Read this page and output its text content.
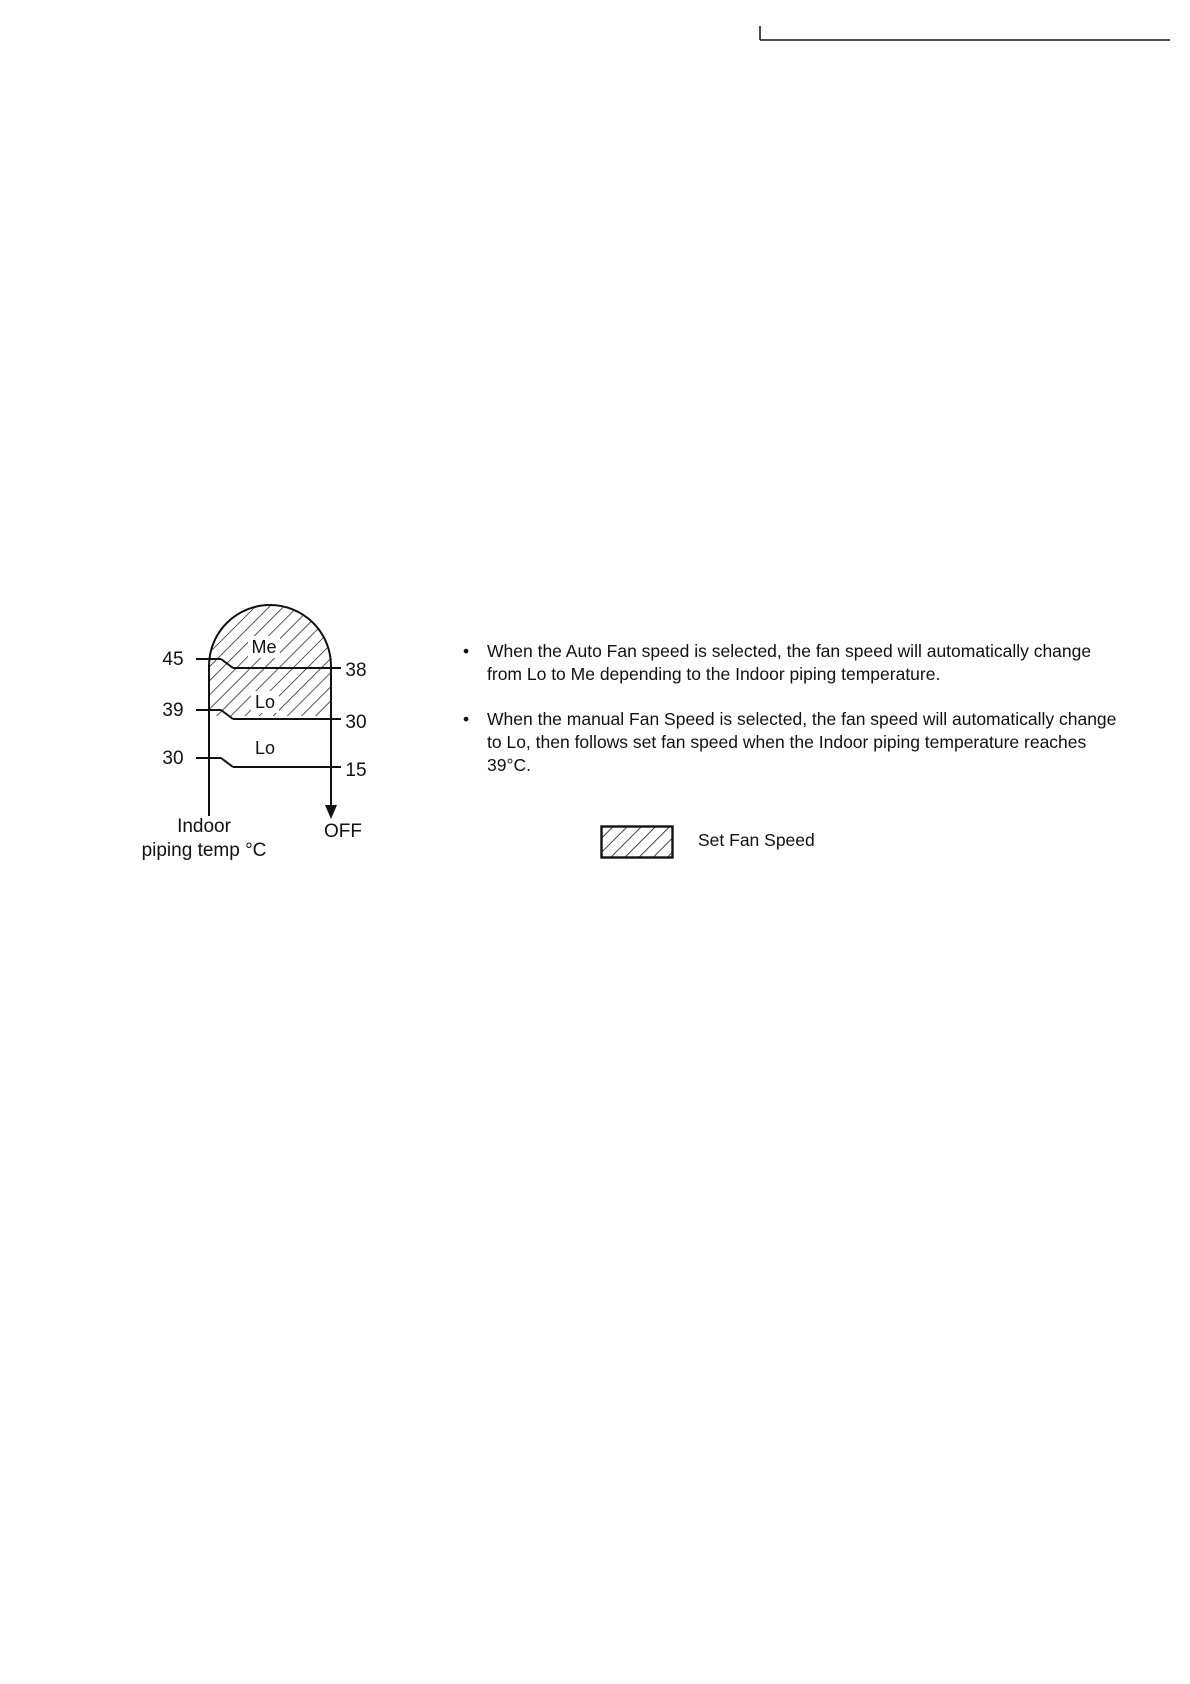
45
39
30
38
30
15
Me
Lo
Lo
Indoor
piping temp °C
OFF
• When the Auto Fan speed is selected, the fan speed will automatically change from Lo to Me depending to the Indoor piping temperature.
• When the manual Fan Speed is selected, the fan speed will automatically change to Lo, then follows set fan speed when the Indoor piping temperature reaches 39°C.
Set Fan Speed
